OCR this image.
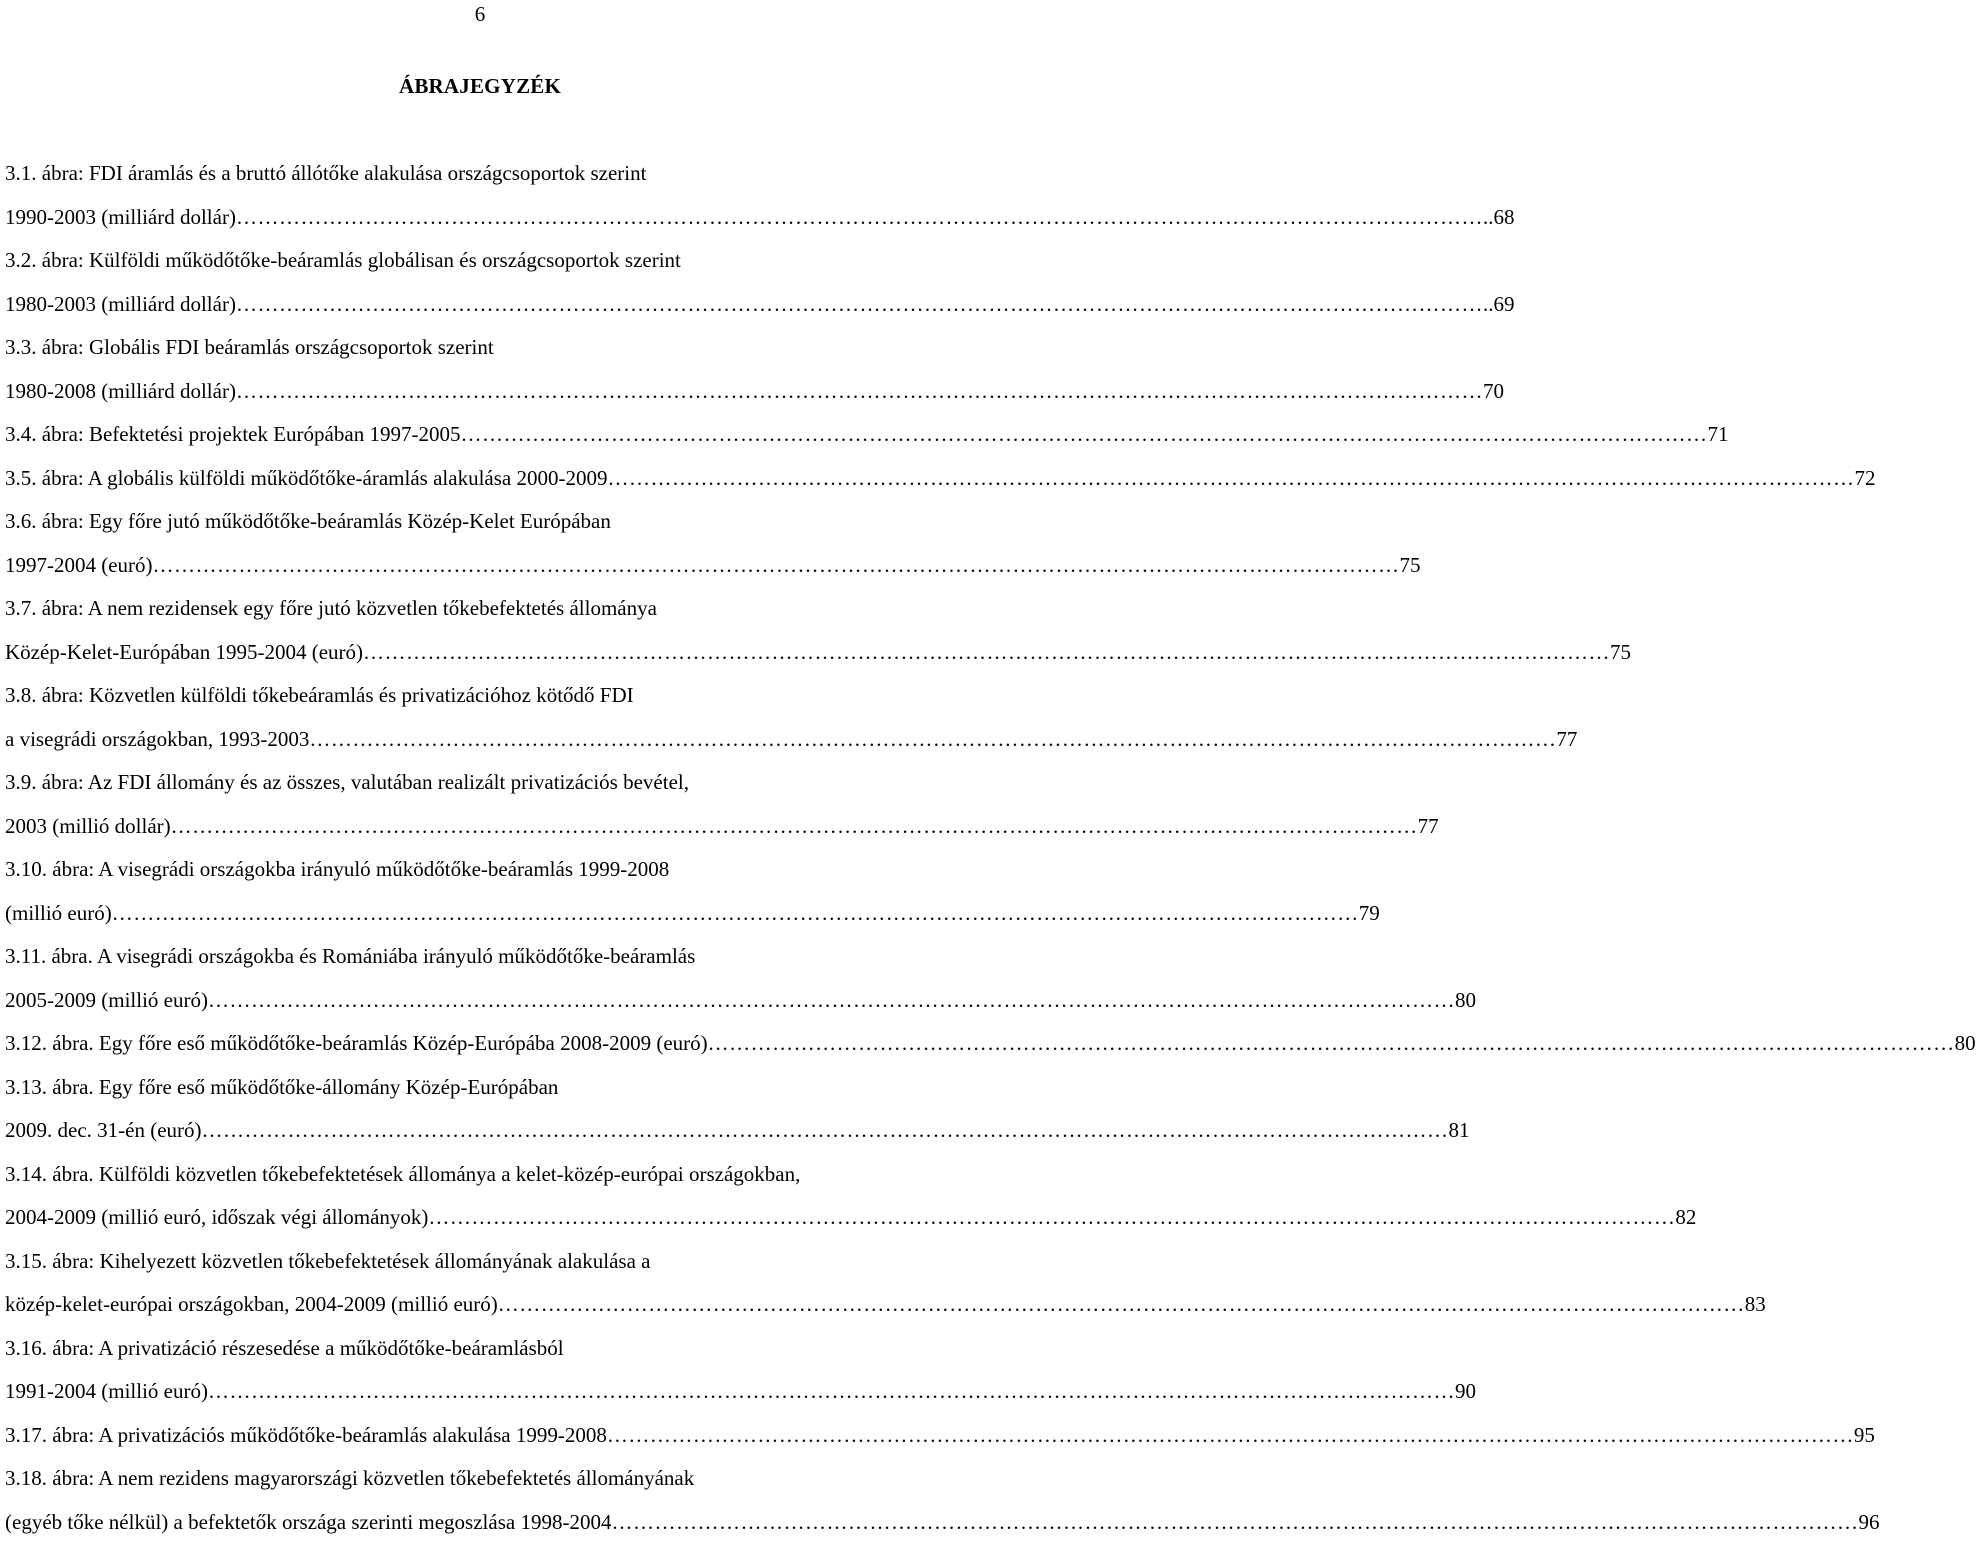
6
ÁBRAJEGYZÉK
3.1. ábra: FDI áramlás és a bruttó állótőke alakulása országcsoportok szerint
1990-2003 (milliárd dollár) ………………………………………………………………………………………………………………………………………………………… ..68
3.2. ábra: Külföldi működőtőke-beáramlás globálisan és országcsoportok szerint
1980-2003 (milliárd dollár) ………………………………………………………………………………………………………………………………………………………… ..69
3.3. ábra: Globális FDI beáramlás országcsoportok szerint
1980-2008 (milliárd dollár) ………………………………………………………………………………………………………………………………………………………… 70
3.4. ábra: Befektetési projektek Európában 1997-2005 ………………………………………………………………………………………………………………………………………………………… 71
3.5. ábra: A globális külföldi működőtőke-áramlás alakulása 2000-2009 ………………………………………………………………………………………………………………………………………………………… 72
3.6. ábra: Egy főre jutó működőtőke-beáramlás Közép-Kelet Európában
1997-2004 (euró) ………………………………………………………………………………………………………………………………………………………… 75
3.7. ábra: A nem rezidensek egy főre jutó közvetlen tőkebefektetés állománya
Közép-Kelet-Európában 1995-2004 (euró) ………………………………………………………………………………………………………………………………………………………… 75
3.8. ábra: Közvetlen külföldi tőkebeáramlás és privatizációhoz kötődő FDI
a visegrádi országokban, 1993-2003 ………………………………………………………………………………………………………………………………………………………… 77
3.9. ábra: Az FDI állomány és az összes, valutában realizált privatizációs bevétel,
2003 (millió dollár) ………………………………………………………………………………………………………………………………………………………… 77
3.10. ábra: A visegrádi országokba irányuló működőtőke-beáramlás 1999-2008
(millió euró) ………………………………………………………………………………………………………………………………………………………… 79
3.11. ábra. A visegrádi országokba és Romániába irányuló működőtőke-beáramlás
2005-2009 (millió euró) ………………………………………………………………………………………………………………………………………………………… 80
3.12. ábra. Egy főre eső működőtőke-beáramlás Közép-Európába 2008-2009 (euró) ………………………………………………………………………………………………………………………………………………………… 80
3.13. ábra. Egy főre eső működőtőke-állomány Közép-Európában
2009. dec. 31-én (euró) ………………………………………………………………………………………………………………………………………………………… 81
3.14. ábra. Külföldi közvetlen tőkebefektetések állománya a kelet-közép-európai országokban,
2004-2009 (millió euró, időszak végi állományok) ………………………………………………………………………………………………………………………………………………………… 82
3.15. ábra: Kihelyezett közvetlen tőkebefektetések állományának alakulása a
közép-kelet-európai országokban, 2004-2009 (millió euró) ………………………………………………………………………………………………………………………………………………………… 83
3.16. ábra: A privatizáció részesedése a működőtőke-beáramlásból
1991-2004 (millió euró) ………………………………………………………………………………………………………………………………………………………… 90
3.17. ábra: A privatizációs működőtőke-beáramlás alakulása 1999-2008 ………………………………………………………………………………………………………………………………………………………… 95
3.18. ábra: A nem rezidens magyarországi közvetlen tőkebefektetés állományának
(egyéb tőke nélkül) a befektetők országa szerinti megoszlása 1998-2004 ………………………………………………………………………………………………………………………………………………………… 96
